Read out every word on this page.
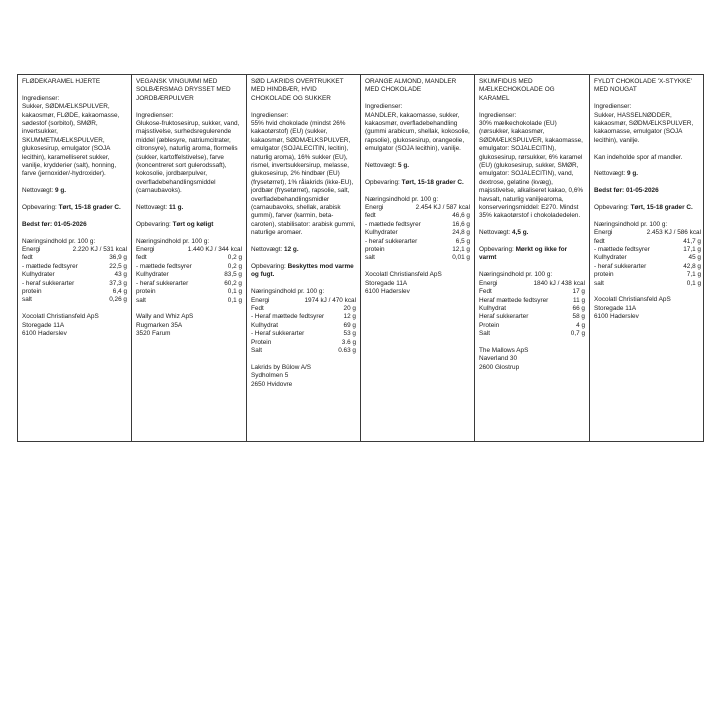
FLØDEKARAMEL HJERTE
Ingredienser:
Sukker, SØDMÆLKSPULVER, kakaosmør, FLØDE, kakaomasse, sødestof (sorbitol), SMØR, invertsukker, SKUMMETMÆLKSPULVER, glukosesirup, emulgator (SOJA lecithin), karamelliseret sukker, vanilje, krydderier (salt), honning, farve (jernoxider/-hydroxider).
Nettovægt: 9 g.
Opbevaring: Tørt, 15-18 grader C.
Bedst før: 01-05-2026
Næringsindhold pr. 100 g:
Energi	2.220 KJ / 531 kcal
fedt	36,9 g
- mættede fedtsyrer	22,5 g
Kulhydrater	43 g
- heraf sukkerarter	37,3 g
protein	6,4 g
salt	0,26 g
Xocolatl Christiansfeld ApS
Storegade 11A
6100 Haderslev
VEGANSK VINGUMMI MED SOLBÆRSMAG DRYSSET MED JORDBÆRPULVER
Ingredienser:
Glukose-fruktosesirup, sukker, vand, majsstivelse, surhedsregulerende middel (æblesyre, natriumcitrater, citronsyre), naturlig aroma, flormelis (sukker, kartoffelstivelse), farve (koncentreret sort gulerodssaft), kokosolie, jordbærpulver, overfladebehandlingsmiddel (carnaubavoks).
Nettovægt: 11 g.
Opbevaring: Tørt og køligt
Næringsindhold pr. 100 g:
Energi	1.440 KJ / 344 kcal
fedt	0,2 g
- mættede fedtsyrer	0,2 g
Kulhydrater	83,5 g
- heraf sukkerarter	60,2 g
protein	0,1 g
salt	0,1 g
Wally and Whiz ApS
Rugmarken 35A
3520 Farum
SØD LAKRIDS OVERTRUKKET MED HINDBÆR, HVID CHOKOLADE OG SUKKER
Ingredienser:
55% hvid chokolade (mindst 26% kakaotørstof) (EU) (sukker, kakaosmør, SØDMÆLKSPULVER, emulgator (SOJALECITIN, lecitin), naturlig aroma), 16% sukker (EU), rismel, invertsukkersirup, melasse, glukosesirup, 2% hindbær (EU) (frysetørret), 1% råiakrids (ikke-EU), jordbær (frysetørret), rapsolie, salt, overfladebehandlingsmidler (carnaubavoks, shellak, arabisk gummi), farver (karmin, beta-caroten), stabilisator: arabisk gummi, naturlige aromaer.
Nettovægt: 12 g.
Opbevaring: Beskyttes mod varme og fugt.
Næringsindhold pr. 100 g:
Energi	1974 kJ / 470 kcal
Fedt	20 g
- Heraf mættede fedtsyrer	12 g
Kulhydrat	69 g
- Heraf sukkerarter	53 g
Protein	3.6 g
Salt	0.63 g
Lakrids by Bülow A/S
Sydholmen 5
2650 Hvidovre
ORANGE ALMOND, MANDLER MED CHOKOLADE
Ingredienser:
MANDLER, kakaomasse, sukker, kakaosmør, overfladebehandling (gummi arabicum, shellak, kokosolie, rapsolie), glukosesirup, orangeolie, emulgator (SOJA lecithin), vanilje.
Nettovægt: 5 g.
Opbevaring: Tørt, 15-18 grader C.
Næringsindhold pr. 100 g:
Energi	2.454 KJ / 587 kcal
fedt	46,6 g
- mættede fedtsyrer	16,6 g
Kulhydrater	24,8 g
- heraf sukkerarter	6,5 g
protein	12,1 g
salt	0,01 g
Xocolatl Christiansfeld ApS
Storegade 11A
6100 Haderslev
SKUMFIDUS MED MÆLKECHOKOLADE OG KARAMEL
Ingredienser:
30% mælkechokolade (EU) (rørsukker, kakaosmør, SØDMÆLKSPULVER, kakaomasse, emulgator: SOJALECITIN), glukosesirup, rørsukker, 6% karamel (EU) (glukosesirup, sukker, SMØR, emulgator: SOJALECITIN), vand, dextrose, gelatine (kvæg), majsstivelse, alkaliseret kakao, 0,6% havsalt, naturlig vaniljearoma, konserveringsmiddel: E270. Mindst 35% kakaotørstof i chokoladedelen.
Nettovægt: 4,5 g.
Opbevaring: Mørkt og ikke for varmt
Næringsindhold pr. 100 g:
Energi	1840 kJ / 438 kcal
Fedt	17 g
Heraf mættede fedtsyrer	11 g
Kulhydrat	66 g
Heraf sukkerarter	58 g
Protein	4 g
Salt	0,7 g
The Mallows ApS
Naverland 30
2600 Glostrup
FYLDT CHOKOLADE 'X-STYKKE' MED NOUGAT
Ingredienser:
Sukker, HASSELNØDDER, kakaosmør, SØDMÆLKSPULVER, kakaomasse, emulgator (SOJA lecithin), vanilje.
Kan indeholde spor af mandler.
Nettovægt: 9 g.
Bedst før: 01-05-2026
Opbevaring: Tørt, 15-18 grader C.
Næringsindhold pr. 100 g:
Energi	2.453 KJ / 586 kcal
fedt	41,7 g
- mættede fedtsyrer	17,1 g
Kulhydrater	45 g
- heraf sukkerarter	42,8 g
protein	7,1 g
salt	0,1 g
Xocolatl Christiansfeld ApS
Storegade 11A
6100 Haderslev
